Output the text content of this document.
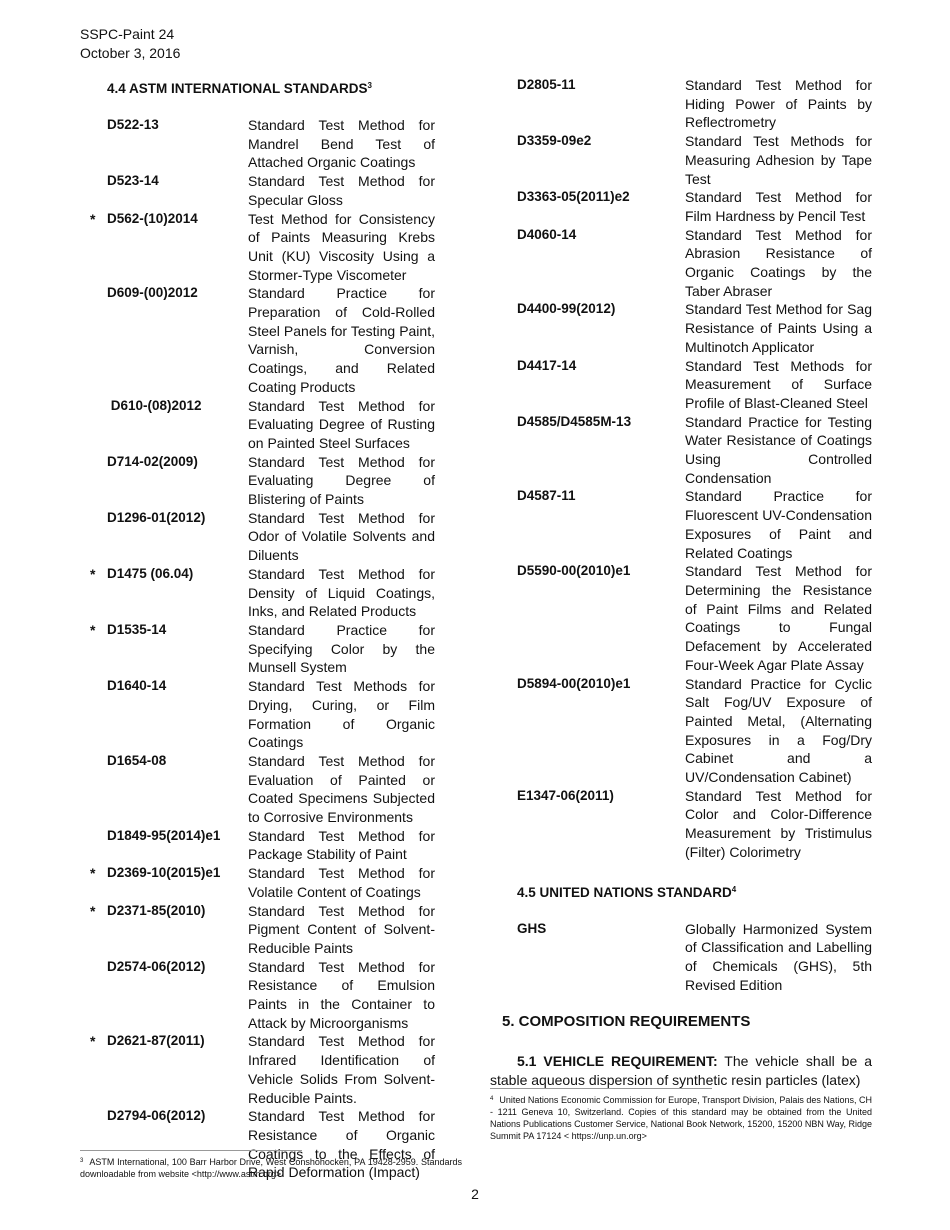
SSPC-Paint 24
October 3, 2016
4.4 ASTM INTERNATIONAL STANDARDS$^3$
D522-13	Standard Test Method for Mandrel Bend Test of Attached Organic Coatings
D523-14	Standard Test Method for Specular Gloss
* D562-(10)2014	Test Method for Consistency of Paints Measuring Krebs Unit (KU) Viscosity Using a Stormer-Type Viscometer
D609-(00)2012	Standard Practice for Preparation of Cold-Rolled Steel Panels for Testing Paint, Varnish, Conversion Coatings, and Related Coating Products
D610-(08)2012	Standard Test Method for Evaluating Degree of Rusting on Painted Steel Surfaces
D714-02(2009)	Standard Test Method for Evaluating Degree of Blistering of Paints
D1296-01(2012)	Standard Test Method for Odor of Volatile Solvents and Diluents
* D1475 (06.04)	Standard Test Method for Density of Liquid Coatings, Inks, and Related Products
* D1535-14	Standard Practice for Specifying Color by the Munsell System
D1640-14	Standard Test Methods for Drying, Curing, or Film Formation of Organic Coatings
D1654-08	Standard Test Method for Evaluation of Painted or Coated Specimens Subjected to Corrosive Environments
D1849-95(2014)e1	Standard Test Method for Package Stability of Paint
* D2369-10(2015)e1	Standard Test Method for Volatile Content of Coatings
* D2371-85(2010)	Standard Test Method for Pigment Content of Solvent-Reducible Paints
D2574-06(2012)	Standard Test Method for Resistance of Emulsion Paints in the Container to Attack by Microorganisms
* D2621-87(2011)	Standard Test Method for Infrared Identification of Vehicle Solids From Solvent-Reducible Paints.
D2794-06(2012)	Standard Test Method for Resistance of Organic Coatings to the Effects of Rapid Deformation (Impact)
D2805-11	Standard Test Method for Hiding Power of Paints by Reflectrometry
D3359-09e2	Standard Test Methods for Measuring Adhesion by Tape Test
D3363-05(2011)e2	Standard Test Method for Film Hardness by Pencil Test
D4060-14	Standard Test Method for Abrasion Resistance of Organic Coatings by the Taber Abraser
D4400-99(2012)	Standard Test Method for Sag Resistance of Paints Using a Multinotch Applicator
D4417-14	Standard Test Methods for Measurement of Surface Profile of Blast-Cleaned Steel
D4585/D4585M-13	Standard Practice for Testing Water Resistance of Coatings Using Controlled Condensation
D4587-11	Standard Practice for Fluorescent UV-Condensation Exposures of Paint and Related Coatings
D5590-00(2010)e1	Standard Test Method for Determining the Resistance of Paint Films and Related Coatings to Fungal Defacement by Accelerated Four-Week Agar Plate Assay
D5894-00(2010)e1	Standard Practice for Cyclic Salt Fog/UV Exposure of Painted Metal, (Alternating Exposures in a Fog/Dry Cabinet and a UV/Condensation Cabinet)
E1347-06(2011)	Standard Test Method for Color and Color-Difference Measurement by Tristimulus (Filter) Colorimetry
4.5 UNITED NATIONS STANDARD$^4$
GHS	Globally Harmonized System of Classification and Labelling of Chemicals (GHS), 5th Revised Edition
5. COMPOSITION REQUIREMENTS
5.1 VEHICLE REQUIREMENT: The vehicle shall be a stable aqueous dispersion of synthetic resin particles (latex)
$^4$ United Nations Economic Commission for Europe, Transport Division, Palais des Nations, CH - 1211 Geneva 10, Switzerland. Copies of this standard may be obtained from the United Nations Publications Customer Service, National Book Network, 15200, 15200 NBN Way, Ridge Summit PA 17124 < https://unp.un.org>
$^3$ ASTM International, 100 Barr Harbor Drive, West Conshohocken, PA 19428-2959. Standards downloadable from website <http://www.astm.org>
2
